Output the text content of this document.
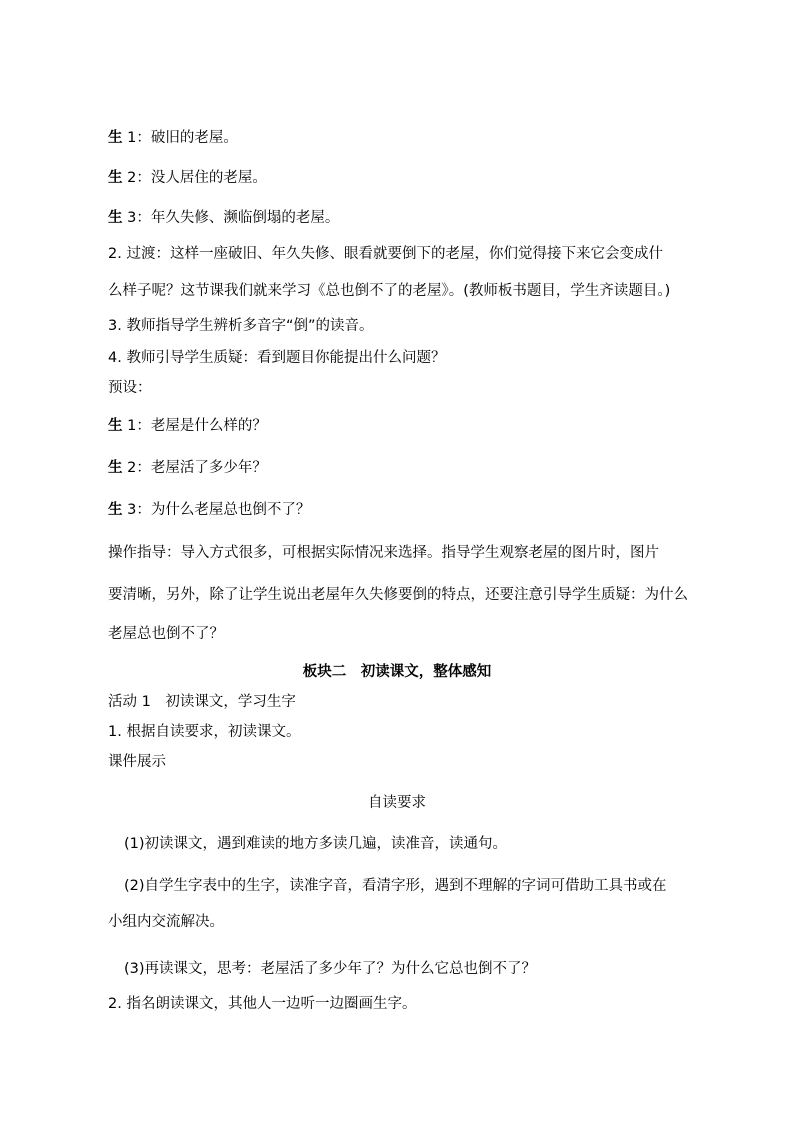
生 1：破旧的老屋。
生 2：没人居住的老屋。
生 3：年久失修、濒临倒塌的老屋。
2. 过渡：这样一座破旧、年久失修、眼看就要倒下的老屋，你们觉得接下来它会变成什
么样子呢？这节课我们就来学习《总也倒不了的老屋》。(教师板书题目，学生齐读题目。)
3. 教师指导学生辨析多音字“倒”的读音。
4. 教师引导学生质疑：看到题目你能提出什么问题？
预设：
生 1：老屋是什么样的？
生 2：老屋活了多少年？
生 3：为什么老屋总也倒不了？
操作指导：导入方式很多，可根据实际情况来选择。指导学生观察老屋的图片时，图片
要清晰，另外，除了让学生说出老屋年久失修要倒的特点，还要注意引导学生质疑：为什么
老屋总也倒不了？
板块二　初读课文，整体感知
活动 1　初读课文，学习生字
1. 根据自读要求，初读课文。
课件展示
自读要求
(1)初读课文，遇到难读的地方多读几遍，读准音，读通句。
(2)自学生字表中的生字，读准字音，看清字形，遇到不理解的字词可借助工具书或在
小组内交流解决。
(3)再读课文，思考：老屋活了多少年了？为什么它总也倒不了？
2. 指名朗读课文，其他人一边听一边圈画生字。
